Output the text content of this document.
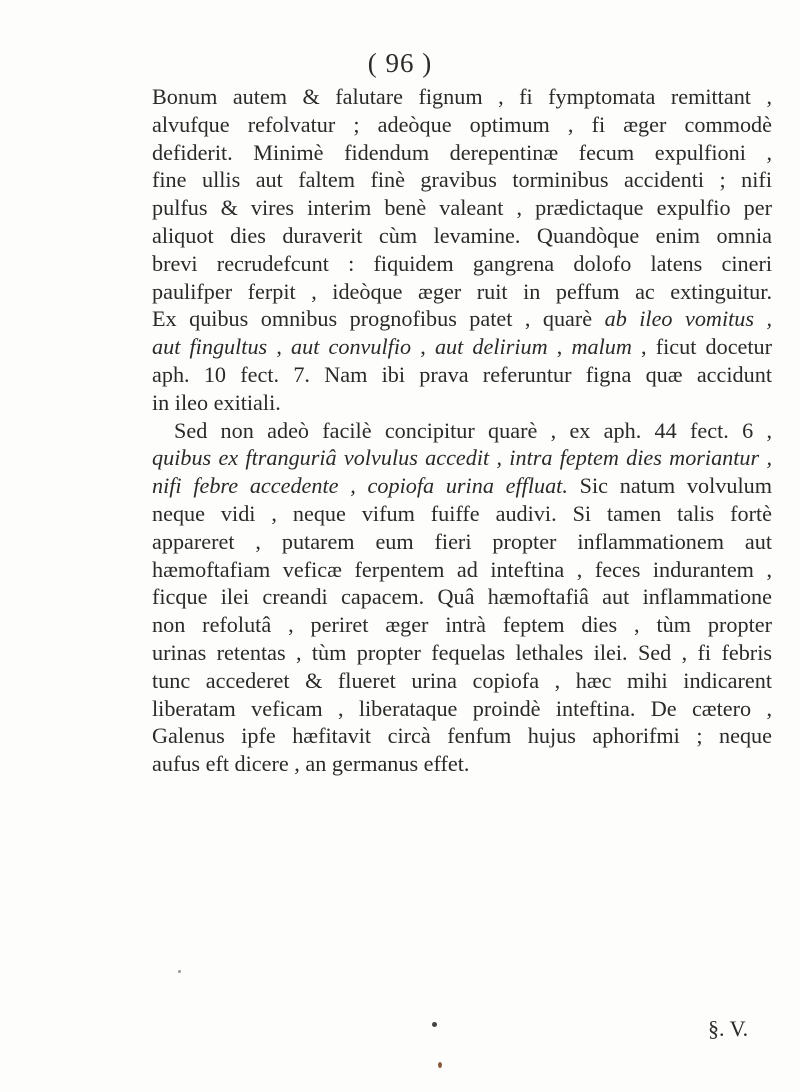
( 96 )
Bonum autem & falutare fignum , fi fymptomata remittant ,
alvufque refolvatur ; adeòque optimum , fi æger commodè
defiderit. Minimè fidendum derepentinæ fecum expulfioni ,
fine ullis aut faltem finè gravibus torminibus accidenti ; nifi
pulfus & vires interim benè valeant , prædictaque expulfio per
aliquot dies duraverit cùm levamine. Quandòque enim omnia
brevi recrudefcunt : fiquidem gangrena dolofo latens cineri
paulifper ferpit , ideòque æger ruit in peffum ac extinguitur.
Ex quibus omnibus prognofibus patet , quarè ab ileo vomitus ,
aut fingultus , aut convulfio , aut delirium , malum , ficut docetur
aph. 10 fect. 7. Nam ibi prava referuntur figna quæ accidunt
in ileo exitiali.
Sed non adeò facilè concipitur quarè , ex aph. 44 fect. 6 ,
quibus ex ftranguriâ volvulus accedit , intra feptem dies moriantur ,
nifi febre accedente , copiofa urina effluat. Sic natum volvulum
neque vidi , neque vifum fuiffe audivi. Si tamen talis fortè
appareret , putarem eum fieri propter inflammationem aut
hæmoftafiam veficæ ferpentem ad inteftina , feces indurantem ,
ficque ilei creandi capacem. Quâ hæmoftafiâ aut inflammatione
non refolutâ , periret æger intrà feptem dies , tùm propter
urinas retentas , tùm propter fequelas lethales ilei. Sed , fi febris
tunc accederet & flueret urina copiofa , hæc mihi indicarent
liberatam veficam , liberataque proindè inteftina. De cætero ,
Galenus ipfe hæfitavit circà fenfum hujus aphorifmi ; neque
aufus eft dicere , an germanus effet.
§. V.
